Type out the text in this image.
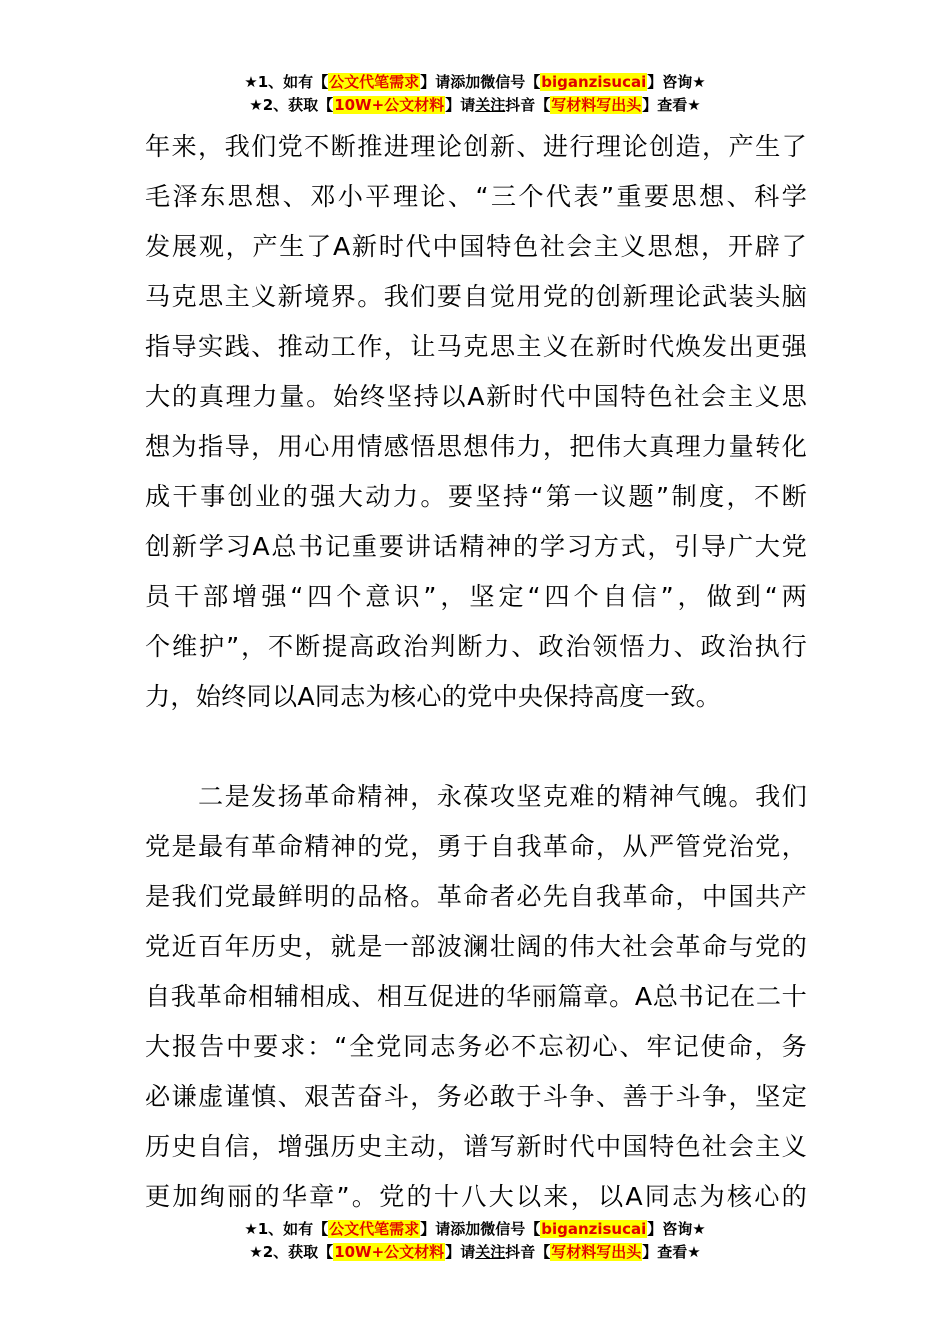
★1、如有【公文代笔需求】请添加微信号【biganzisucai】咨询★
★2、获取【10W+公文材料】请关注抖音【写材料写出头】查看★
年来，我们党不断推进理论创新、进行理论创造，产生了
毛泽东思想、邓小平理论、“三个代表”重要思想、科学
发展观，产生了A新时代中国特色社会主义思想，开辟了
马克思主义新境界。我们要自觉用党的创新理论武装头脑
指导实践、推动工作，让马克思主义在新时代焕发出更强
大的真理力量。始终坚持以A新时代中国特色社会主义思
想为指导，用心用情感悟思想伟力，把伟大真理力量转化
成干事创业的强大动力。要坚持“第一议题”制度，不断
创新学习A总书记重要讲话精神的学习方式，引导广大党
员干部增强“四个意识”，坚定“四个自信”，做到“两
个维护”，不断提高政治判断力、政治领悟力、政治执行
力，始终同以A同志为核心的党中央保持高度一致。
　　二是发扬革命精神，永葆攻坚克难的精神气魄。我们
党是最有革命精神的党，勇于自我革命，从严管党治党，
是我们党最鲜明的品格。革命者必先自我革命，中国共产
党近百年历史，就是一部波澜壮阔的伟大社会革命与党的
自我革命相辅相成、相互促进的华丽篇章。A总书记在二十
大报告中要求：“全党同志务必不忘初心、牢记使命，务
必谦虚谨慎、艰苦奋斗，务必敢于斗争、善于斗争，坚定
历史自信，增强历史主动，谱写新时代中国特色社会主义
更加绚丽的华章”。党的十八大以来，以A同志为核心的
★1、如有【公文代笔需求】请添加微信号【biganzisucai】咨询★
★2、获取【10W+公文材料】请关注抖音【写材料写出头】查看★
